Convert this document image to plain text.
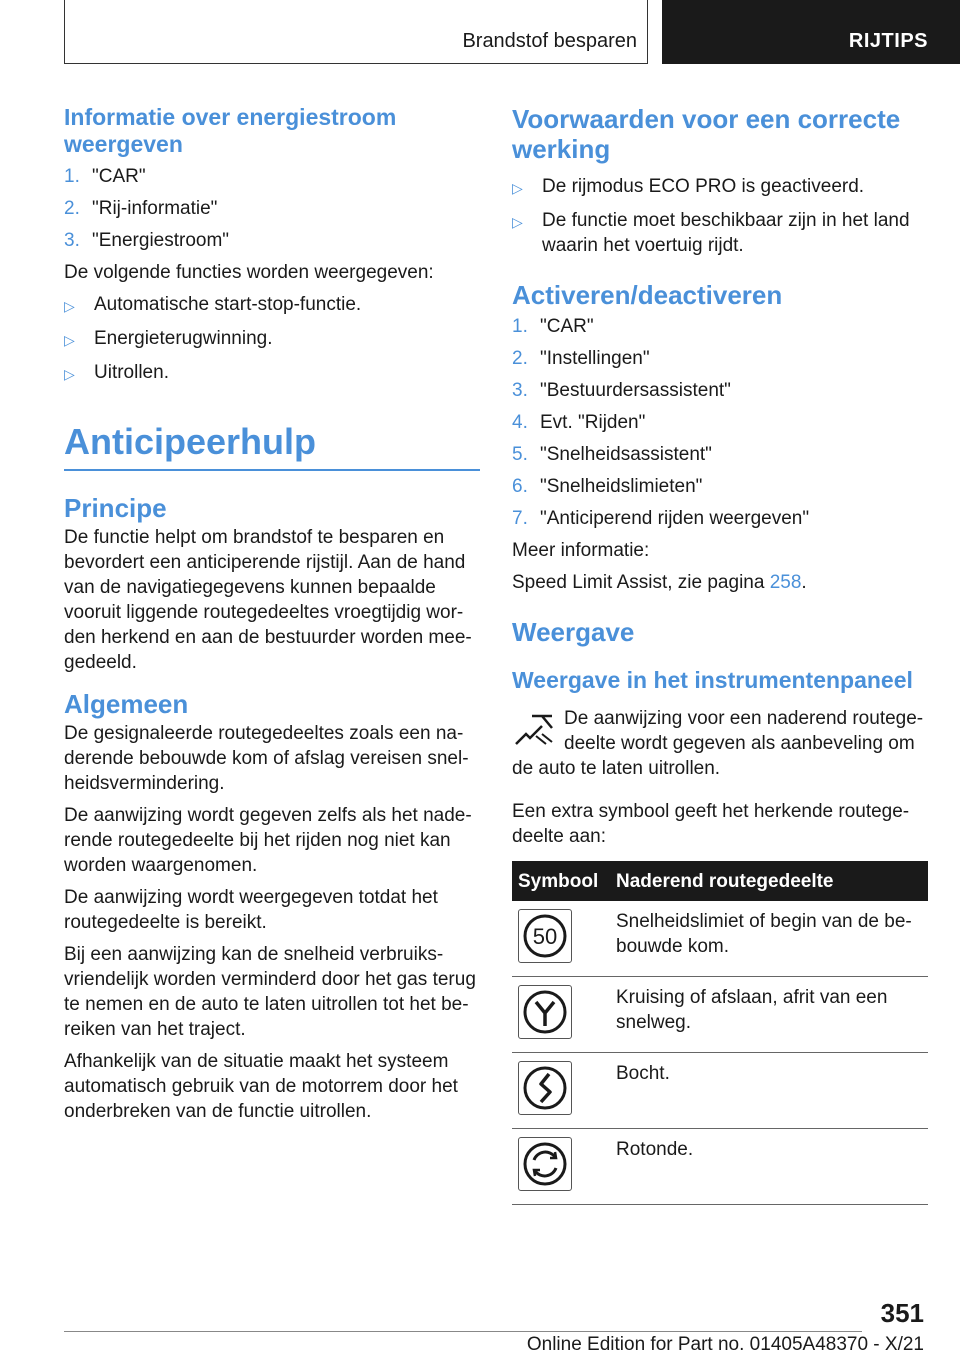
Brandstof besparen	RIJTIPS
Informatie over energiestroom weergeven
1. "CAR"
2. "Rij-informatie"
3. "Energiestroom"
De volgende functies worden weergegeven:
▷	Automatische start-stop-functie.
▷	Energieterugwinning.
▷	Uitrollen.
Anticipeerhulp
Principe
De functie helpt om brandstof te besparen en bevordert een anticiperende rijstijl. Aan de hand van de navigatiegegevens kunnen bepaalde vooruit liggende routegedeeltes vroegtijdig wor-den herkend en aan de bestuurder worden mee-gedeeld.
Algemeen
De gesignaleerde routegedeeltes zoals een na-derende bebouwde kom of afslag vereisen snel-heidsvermindering.
De aanwijzing wordt gegeven zelfs als het nade-rende routegedeelte bij het rijden nog niet kan worden waargenomen.
De aanwijzing wordt weergegeven totdat het routegedeelte is bereikt.
Bij een aanwijzing kan de snelheid verbruiks-vriendelijk worden verminderd door het gas terug te nemen en de auto te laten uitrollen tot het be-reiken van het traject.
Afhankelijk van de situatie maakt het systeem automatisch gebruik van de motorrem door het onderbreken van de functie uitrollen.
Voorwaarden voor een correcte werking
▷	De rijmodus ECO PRO is geactiveerd.
▷	De functie moet beschikbaar zijn in het land waarin het voertuig rijdt.
Activeren/deactiveren
1. "CAR"
2. "Instellingen"
3. "Bestuurdersassistent"
4. Evt. "Rijden"
5. "Snelheidsassistent"
6. "Snelheidslimieten"
7. "Anticiperend rijden weergeven"
Meer informatie:
Speed Limit Assist, zie pagina 258.
Weergave
Weergave in het instrumentenpaneel
De aanwijzing voor een naderend routege-deelte wordt gegeven als aanbeveling om de auto te laten uitrollen.
Een extra symbool geeft het herkende routege-deelte aan:
Symbool	Naderend routegedeelte

50	Snelheidslimiet of begin van de be-bouwde kom.

	Kruising of afslaan, afrit van een snelweg.

	Bocht.

	Rotonde.
351
Online Edition for Part no. 01405A48370 - X/21
